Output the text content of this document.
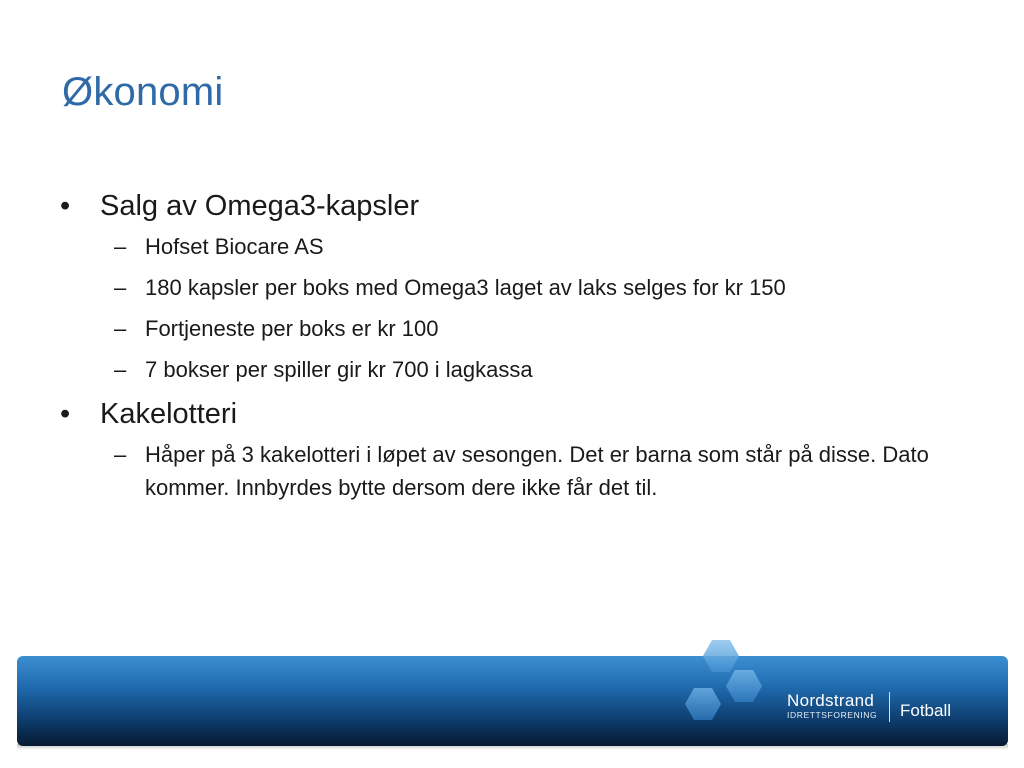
Økonomi
•	Salg av Omega3-kapsler
– Hofset Biocare AS
– 180 kapsler per boks med Omega3 laget av laks selges for kr 150
– Fortjeneste per boks er kr 100
– 7 bokser per spiller gir kr 700 i lagkassa
•	Kakelotteri
– Håper på 3 kakelotteri i løpet av sesongen. Det er barna som står på disse. Dato kommer. Innbyrdes bytte dersom dere ikke får det til.
Nordstrand
IDRETTSFORENING Fotball
